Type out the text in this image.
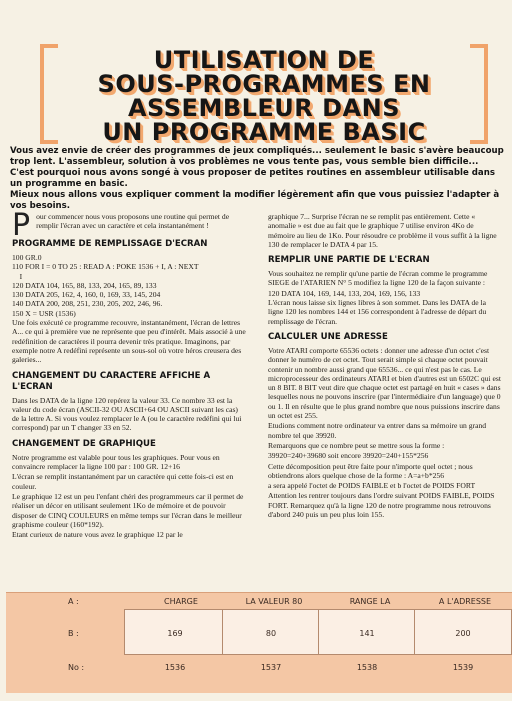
UTILISATION DE
SOUS-PROGRAMMES EN
ASSEMBLEUR DANS
UN PROGRAMME BASIC

Vous avez envie de créer des programmes de jeux compliqués... seulement le basic s'avère beaucoup trop lent. L'assembleur, solution à vos problèmes ne vous tente pas, vous semble bien difficile... C'est pourquoi nous avons songé à vous proposer de petites routines en assembleur utilisable dans un programme en basic.

Mieux nous allons vous expliquer comment la modifier légèrement afin que vous puissiez l'adapter à vos besoins.

P our commencer nous vous proposons une routine qui permet de remplir l'écran avec un caractère et cela instantanément !

PROGRAMME DE REMPLISSAGE D'ECRAN
100 GR.0
110 FOR I = 0 TO 25 : READ A : POKE 1536 + I, A : NEXT
I
120 DATA 104, 165, 88, 133, 204, 165, 89, 133
130 DATA 205, 162, 4, 160, 0, 169, 33, 145, 204
140 DATA 200, 208, 251, 230, 205, 202, 246, 96.
150 X = USR (1536)

Une fois exécuté ce programme recouvre, instantanément, l'écran de lettres A... ce qui à première vue ne représente que peu d'intérêt. Mais associé à une redéfinition de caractères il pourra devenir très pratique. Imaginons, par exemple notre A redéfini représente un sous-sol où votre héros creusera des galeries...

CHANGEMENT DU CARACTERE AFFICHE A L'ECRAN

Dans les DATA de la ligne 120 repérez la valeur 33. Ce nombre 33 est la valeur du code écran (ASCII-32 OU ASCII+64 OU ASCII suivant les cas) de la lettre A. Si vous voulez remplacer le A (ou le caractère redéfini qui lui correspond) par un T changer 33 en 52.

CHANGEMENT DE GRAPHIQUE

Notre programme est valable pour tous les graphiques. Pour vous en convaincre remplacer la ligne 100 par : 100 GR. 12+16

L'écran se remplit instantanément par un caractère qui cette fois-ci est en couleur.

Le graphique 12 est un peu l'enfant chéri des programmeurs car il permet de réaliser un décor en utilisant seulement 1Ko de mémoire et de pouvoir disposer de CINQ COULEURS en même temps sur l'écran dans le meilleur graphisme couleur (160*192).

Etant curieux de nature vous avez le graphique 12 par le

graphique 7... Surprise l'écran ne se remplit pas entièrement. Cette « anomalie » est due au fait que le graphique 7 utilise environ 4Ko de mémoire au lieu de 1Ko. Pour résoudre ce problème il vous suffit à la ligne 130 de remplacer le DATA 4 par 15.

REMPLIR UNE PARTIE DE L'ECRAN

Vous souhaitez ne remplir qu'une partie de l'écran comme le programme SIEGE de l'ATARIEN N° 5 modifiez la ligne 120 de la façon suivante :

120 DATA 104, 169, 144, 133, 204, 169, 156, 133

L'écran nous laisse six lignes libres à son sommet. Dans les DATA de la ligne 120 les nombres 144 et 156 correspondent à l'adresse de départ du remplissage de l'écran.

CALCULER UNE ADRESSE

Votre ATARI comporte 65536 octets : donner une adresse d'un octet c'est donner le numéro de cet octet. Tout serait simple si chaque octet pouvait contenir un nombre aussi grand que 65536... ce qui n'est pas le cas. Le microprocesseur des ordinateurs ATARI et bien d'autres est un 6502C qui est un 8 BIT. 8 BIT veut dire que chaque octet est partagé en huit « cases » dans lesquelles nous ne pouvons inscrire (par l'intermédiaire d'un language) que 0 ou 1. Il en résulte que le plus grand nombre que nous puissions inscrire dans un octet est 255.

Etudions comment notre ordinateur va entrer dans sa mémoire un grand nombre tel que 39920.

Remarquons que ce nombre peut se mettre sous la forme :

39920=240+39680 soit encore 39920=240+155*256

Cette décomposition peut être faite pour n'importe quel octet ; nous obtiendrons alors quelque chose de la forme : A=a+b*256

a sera appelé l'octet de POIDS FAIBLE et b l'octet de POIDS FORT

Attention les rentrer toujours dans l'ordre suivant POIDS FAIBLE, POIDS FORT. Remarquez qu'à la ligne 120 de notre programme nous retrouvons d'abord 240 puis un peu plus loin 155.

A :	CHARGE	LA VALEUR 80	RANGE LA	A L'ADRESSE
B :	169	80	141	200
No :	1536	1537	1538	1539
